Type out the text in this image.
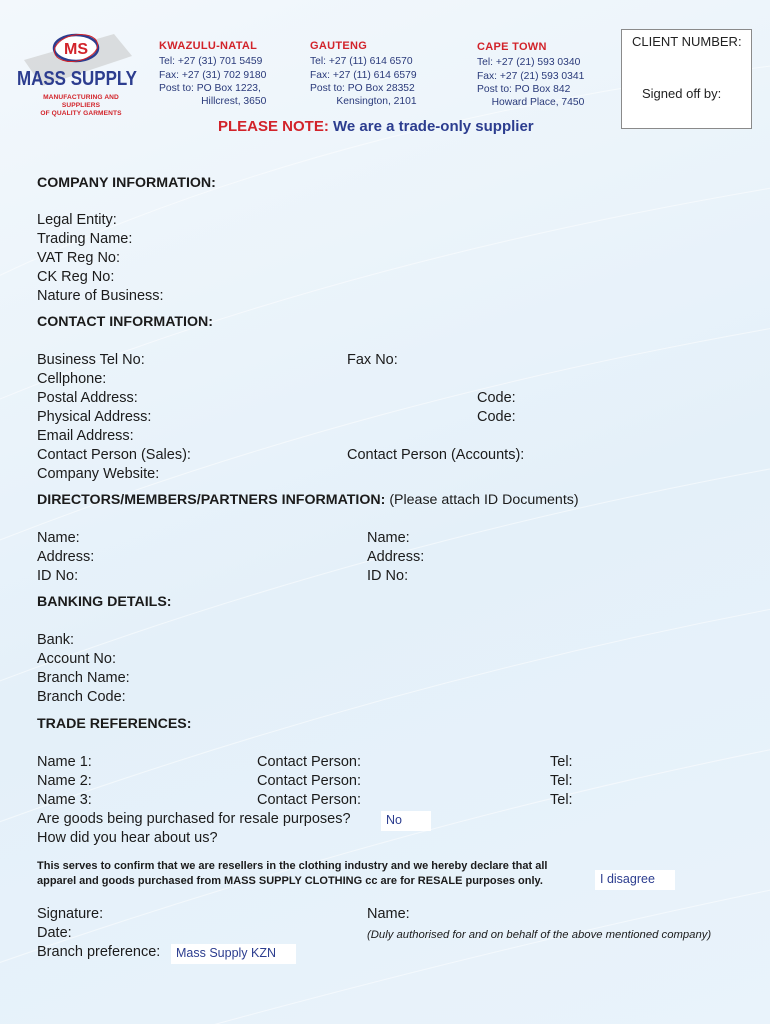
MS
MASS SUPPLY
MANUFACTURING AND SUPPLIERS
OF QUALITY GARMENTS
KWAZULU-NATAL
Tel: +27 (31) 701 5459
Fax: +27 (31) 702 9180
Post to: PO Box 1223,
Hillcrest, 3650
GAUTENG
Tel: +27 (11) 614 6570
Fax: +27 (11) 614 6579
Post to: PO Box 28352
Kensington, 2101
CAPE TOWN
Tel: +27 (21) 593 0340
Fax: +27 (21) 593 0341
Post to: PO Box 842
Howard Place, 7450
CLIENT NUMBER:
Signed off by:
PLEASE NOTE: We are a trade-only supplier
COMPANY INFORMATION:
Legal Entity:
Trading Name:
VAT Reg No:
CK Reg No:
Nature of Business:
CONTACT INFORMATION:
Business Tel No:	Fax No:
Cellphone:
Postal Address:	Code:
Physical Address:	Code:
Email Address:
Contact Person (Sales):	Contact Person (Accounts):
Company Website:
DIRECTORS/MEMBERS/PARTNERS INFORMATION: (Please attach ID Documents)
Name:	Name:
Address:	Address:
ID No:	ID No:
BANKING DETAILS:
Bank:
Account No:
Branch Name:
Branch Code:
TRADE REFERENCES:
Name 1:	Contact Person:	Tel:
Name 2:	Contact Person:	Tel:
Name 3:	Contact Person:	Tel:
Are goods being purchased for resale purposes?	No
How did you hear about us?
This serves to confirm that we are resellers in the clothing industry and we hereby declare that all
apparel and goods purchased from MASS SUPPLY CLOTHING cc are for RESALE purposes only.	I disagree
Signature:	Name:
Date:	(Duly authorised for and on behalf of the above mentioned company)
Branch preference:	Mass Supply KZN
